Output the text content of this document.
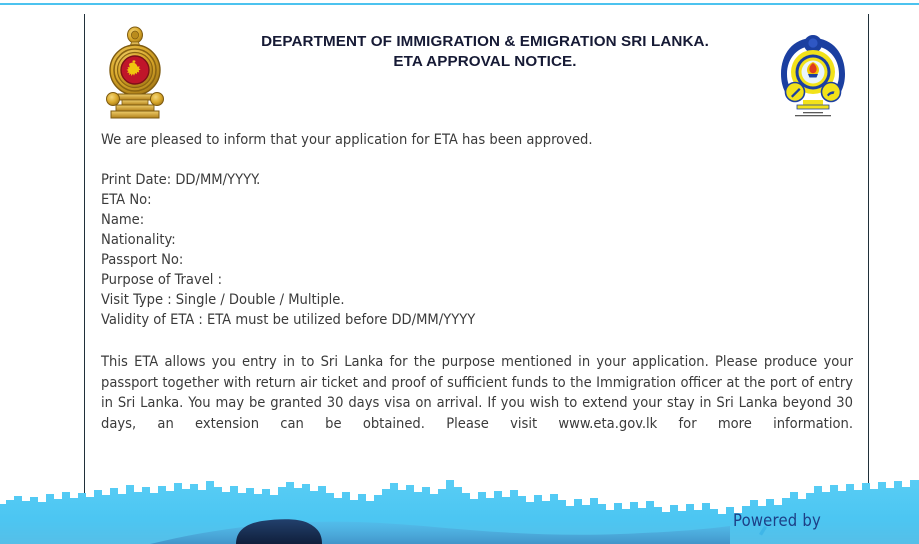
DEPARTMENT OF IMMIGRATION & EMIGRATION SRI LANKA.
ETA APPROVAL NOTICE.

We are pleased to inform that your application for ETA has been approved.

Print Date: DD/MM/YYYY.
ETA No:
Name:
Nationality:
Passport No:
Purpose of Travel :
Visit Type : Single / Double / Multiple.
Validity of ETA : ETA must be utilized before DD/MM/YYYY

This ETA allows you entry in to Sri Lanka for the purpose mentioned in your application. Please produce your passport together with return air ticket and proof of sufficient funds to the Immigration officer at the port of entry in Sri Lanka. You may be granted 30 days visa on arrival. If you wish to extend your stay in Sri Lanka beyond 30 days, an extension can be obtained. Please visit www.eta.gov.lk for more information.

Powered by
